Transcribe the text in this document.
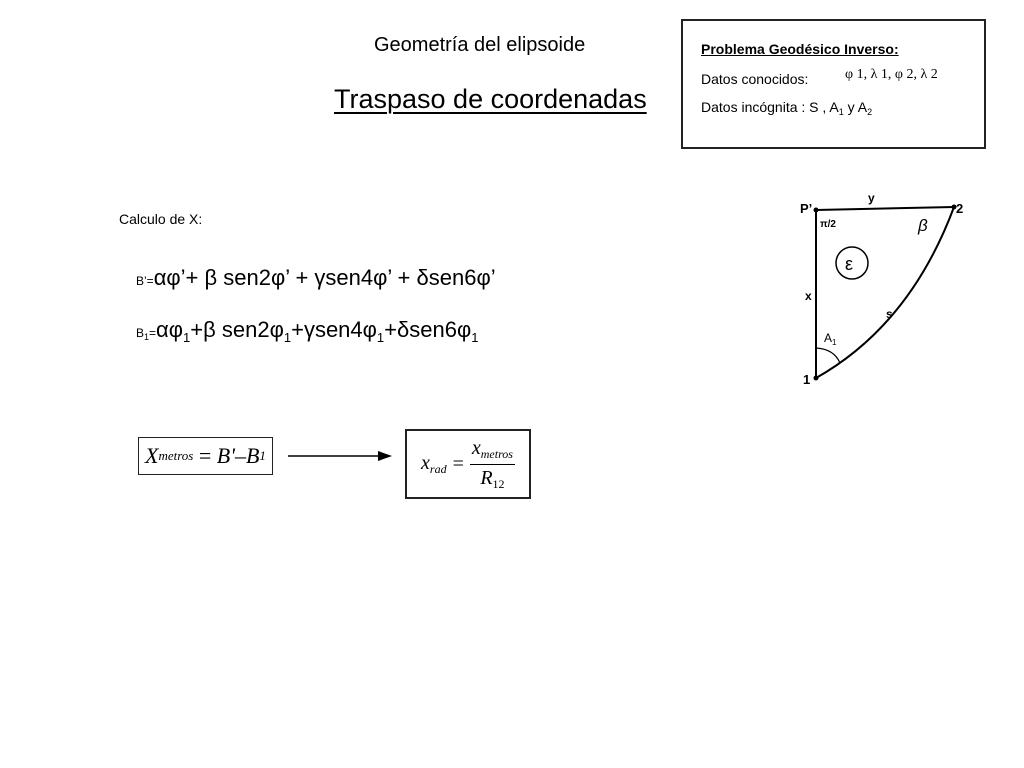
Geometría del elipsoide
Traspaso de coordenadas
Problema Geodésico Inverso:
Datos conocidos:	φ 1, λ 1, φ 2, λ 2
Datos incógnita : S , $A_1$ y $A_2$
Calculo de X:
B’=αφ’+ β sen2φ’ + γsen4φ’ + δsen6φ’
$B_1=\alpha\varphi_1+\beta$ $sen2\varphi_1+\gamma sen4\varphi_1+\delta sen6\varphi_1$
X metros = B' – B 1	$x_{rad} = \frac{x_{metros}}{R_{12}}$
P’	2
1
y
x
s
β
ε
π/2
$A_1$
